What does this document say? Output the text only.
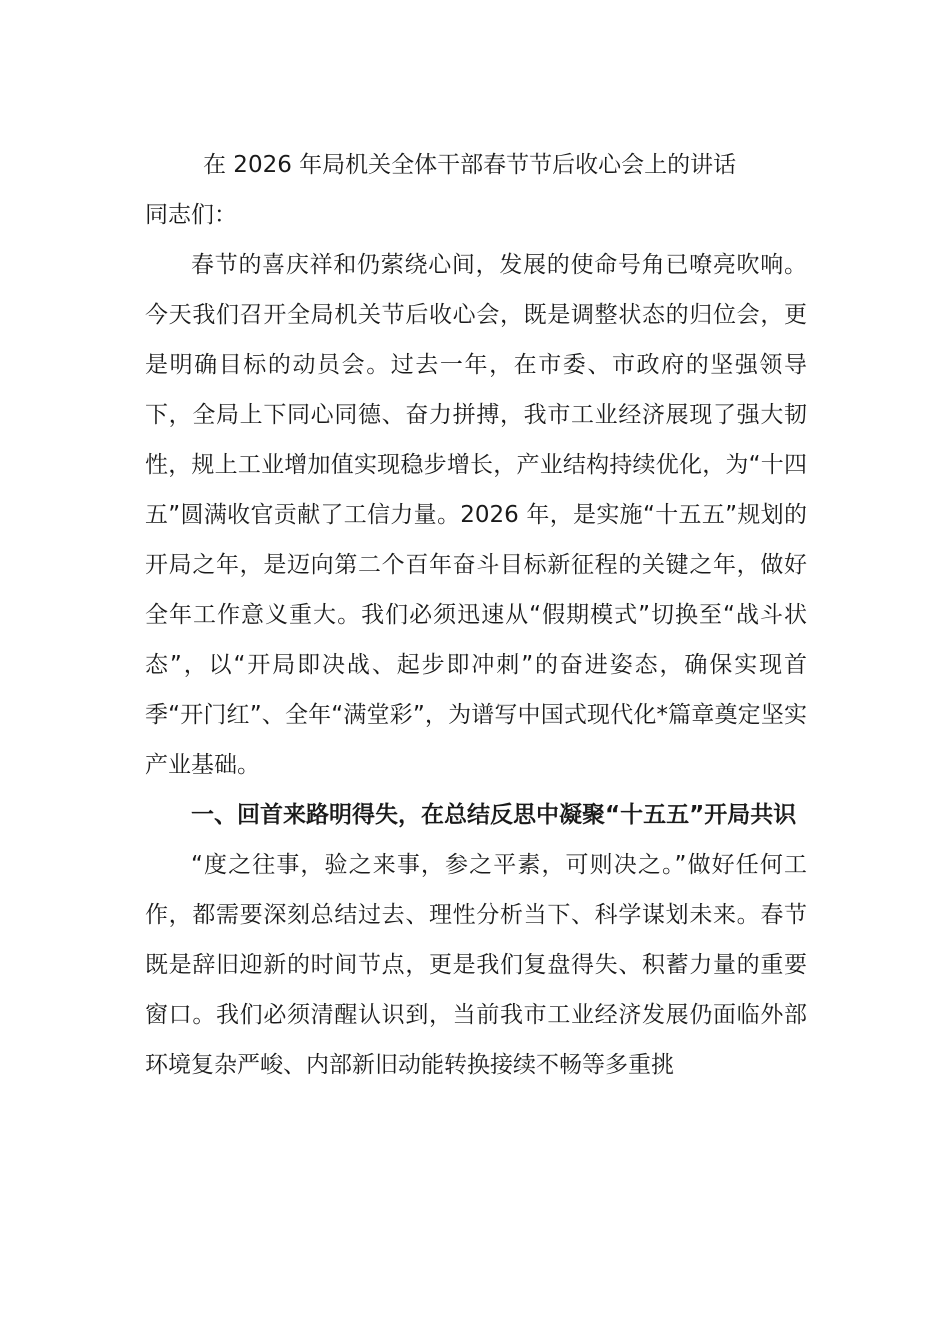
在 2026 年局机关全体干部春节节后收心会上的讲话

同志们：

春节的喜庆祥和仍萦绕心间，发展的使命号角已嘹亮吹响。今天我们召开全局机关节后收心会，既是调整状态的归位会，更是明确目标的动员会。过去一年，在市委、市政府的坚强领导下，全局上下同心同德、奋力拼搏，我市工业经济展现了强大韧性，规上工业增加值实现稳步增长，产业结构持续优化，为“十四五”圆满收官贡献了工信力量。2026 年，是实施“十五五”规划的开局之年，是迈向第二个百年奋斗目标新征程的关键之年，做好全年工作意义重大。我们必须迅速从“假期模式”切换至“战斗状态”，以“开局即决战、起步即冲刺”的奋进姿态，确保实现首季“开门红”、全年“满堂彩”，为谱写中国式现代化*篇章奠定坚实产业基础。

一、回首来路明得失，在总结反思中凝聚“十五五”开局共识

“度之往事，验之来事，参之平素，可则决之。”做好任何工作，都需要深刻总结过去、理性分析当下、科学谋划未来。春节既是辞旧迎新的时间节点，更是我们复盘得失、积蓄力量的重要窗口。我们必须清醒认识到，当前我市工业经济发展仍面临外部环境复杂严峻、内部新旧动能转换接续不畅等多重挑
